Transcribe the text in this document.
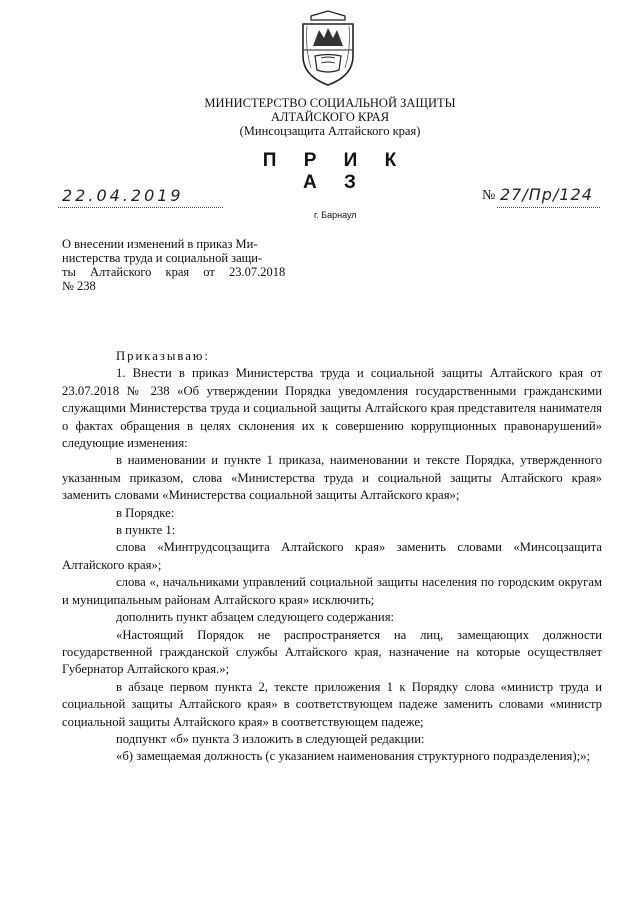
МИНИСТЕРСТВО СОЦИАЛЬНОЙ ЗАЩИТЫ
АЛТАЙСКОГО КРАЯ
(Минсоцзащита Алтайского края)
П Р И К А З
22.04.2019	№ 27/Пр/124
г. Барнаул
О внесении изменений в приказ Ми-
нистерства труда и социальной защи-
ты Алтайского края от 23.07.2018
№ 238

Приказываю:

1. Внести в приказ Министерства труда и социальной защиты Алтайского края от 23.07.2018 № 238 «Об утверждении Порядка уведомления государственными гражданскими служащими Министерства труда и социальной защиты Алтайского края представителя нанимателя о фактах обращения в целях склонения их к совершению коррупционных правонарушений» следующие изменения:

в наименовании и пункте 1 приказа, наименовании и тексте Порядка, утвержденного указанным приказом, слова «Министерства труда и социальной защиты Алтайского края» заменить словами «Министерства социальной защиты Алтайского края»;

в Порядке:

в пункте 1:

слова «Минтрудсоцзащита Алтайского края» заменить словами «Минсоцзащита Алтайского края»;

слова «, начальниками управлений социальной защиты населения по городским округам и муниципальным районам Алтайского края» исключить;

дополнить пункт абзацем следующего содержания:

«Настоящий Порядок не распространяется на лиц, замещающих должности государственной гражданской службы Алтайского края, назначение на которые осуществляет Губернатор Алтайского края.»;

в абзаце первом пункта 2, тексте приложения 1 к Порядку слова «министр труда и социальной защиты Алтайского края» в соответствующем падеже заменить словами «министр социальной защиты Алтайского края» в соответствующем падеже;

подпункт «б» пункта 3 изложить в следующей редакции:

«б) замещаемая должность (с указанием наименования структурного подразделения);»;
